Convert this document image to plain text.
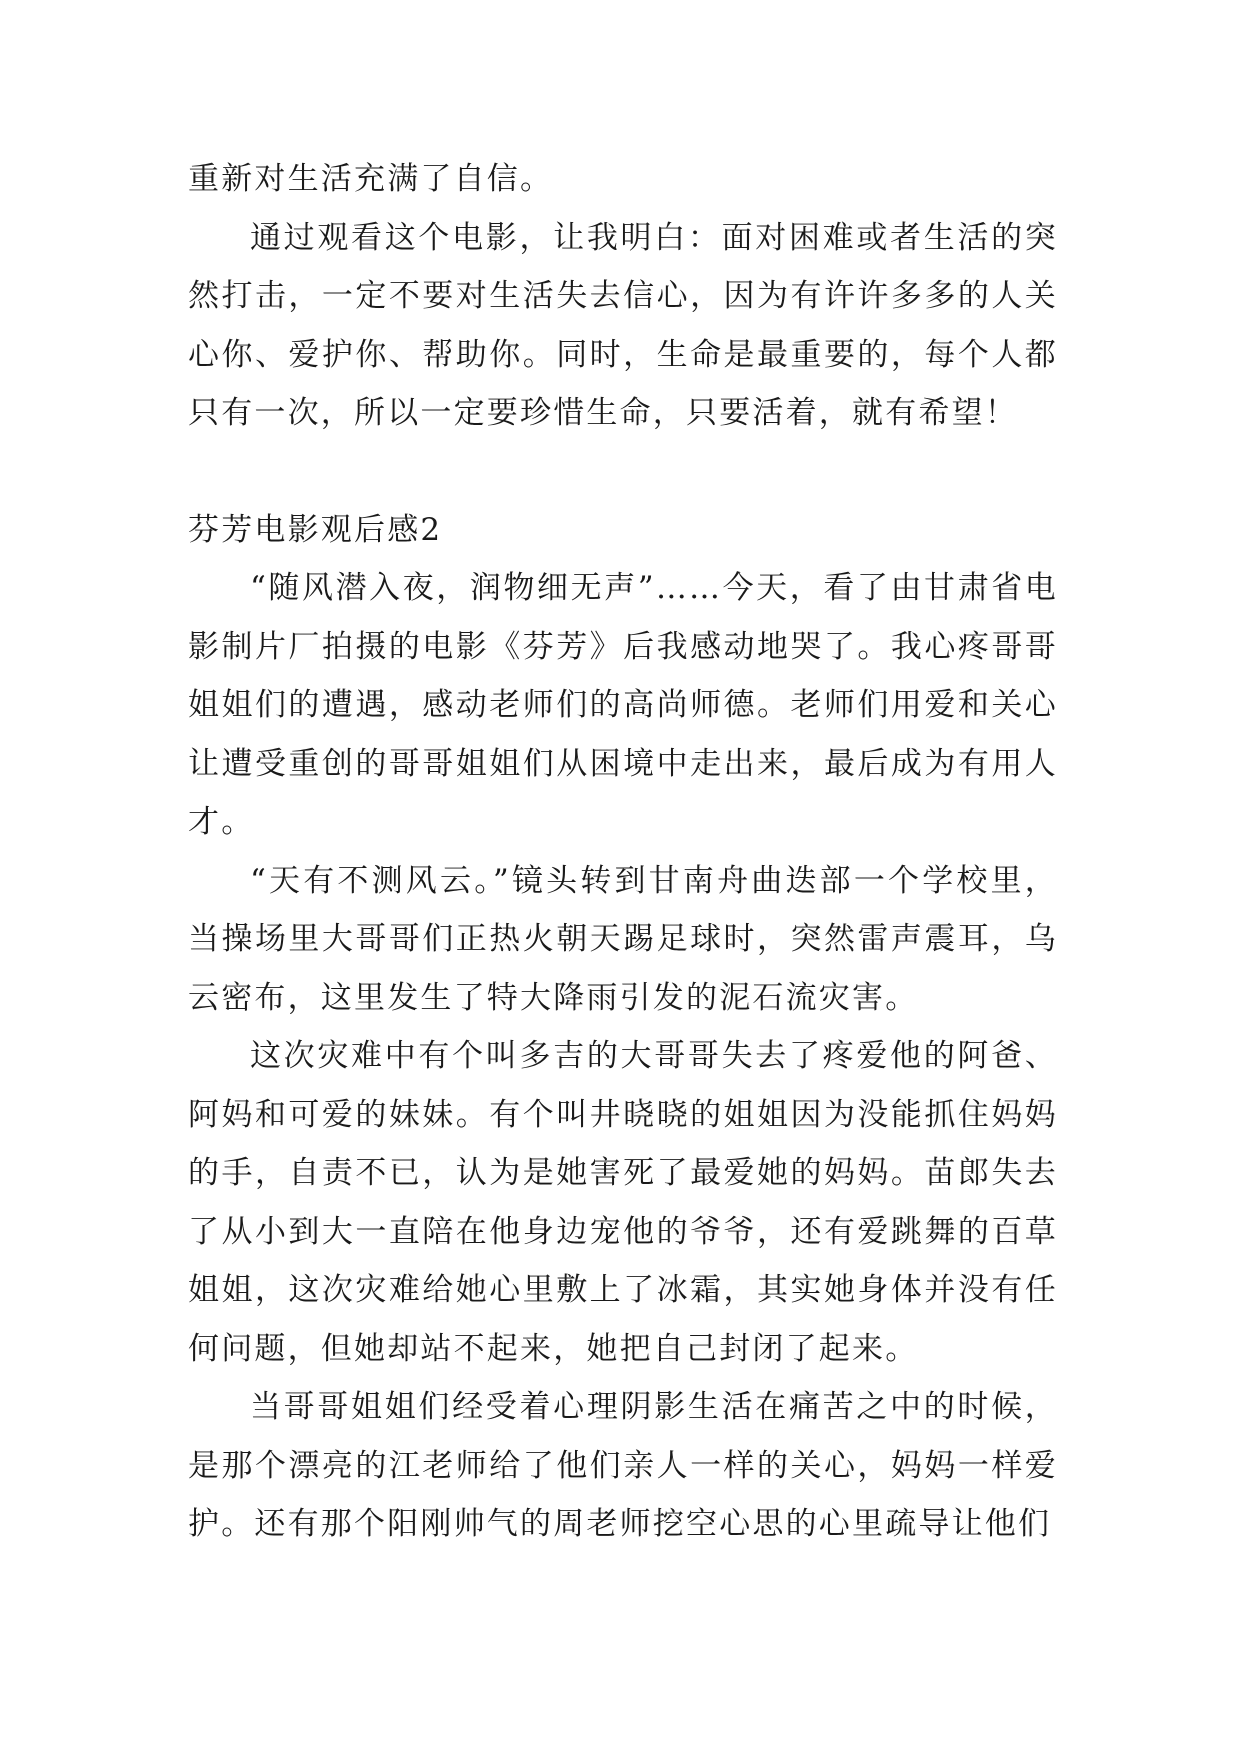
重新对生活充满了自信。

通过观看这个电影，让我明白：面对困难或者生活的突然打击，一定不要对生活失去信心，因为有许许多多的人关心你、爱护你、帮助你。同时，生命是最重要的，每个人都只有一次，所以一定要珍惜生命，只要活着，就有希望！

芬芳电影观后感2

“随风潜入夜，润物细无声”……今天，看了由甘肃省电影制片厂拍摄的电影《芬芳》后我感动地哭了。我心疼哥哥姐姐们的遭遇，感动老师们的高尚师德。老师们用爱和关心让遭受重创的哥哥姐姐们从困境中走出来，最后成为有用人才。

“天有不测风云。”镜头转到甘南舟曲迭部一个学校里，当操场里大哥哥们正热火朝天踢足球时，突然雷声震耳，乌云密布，这里发生了特大降雨引发的泥石流灾害。

这次灾难中有个叫多吉的大哥哥失去了疼爱他的阿爸、阿妈和可爱的妹妹。有个叫井晓晓的姐姐因为没能抓住妈妈的手，自责不已，认为是她害死了最爱她的妈妈。苗郎失去了从小到大一直陪在他身边宠他的爷爷，还有爱跳舞的百草姐姐，这次灾难给她心里敷上了冰霜，其实她身体并没有任何问题，但她却站不起来，她把自己封闭了起来。

当哥哥姐姐们经受着心理阴影生活在痛苦之中的时候，是那个漂亮的江老师给了他们亲人一样的关心，妈妈一样爱护。还有那个阳刚帅气的周老师挖空心思的心里疏导让他们
